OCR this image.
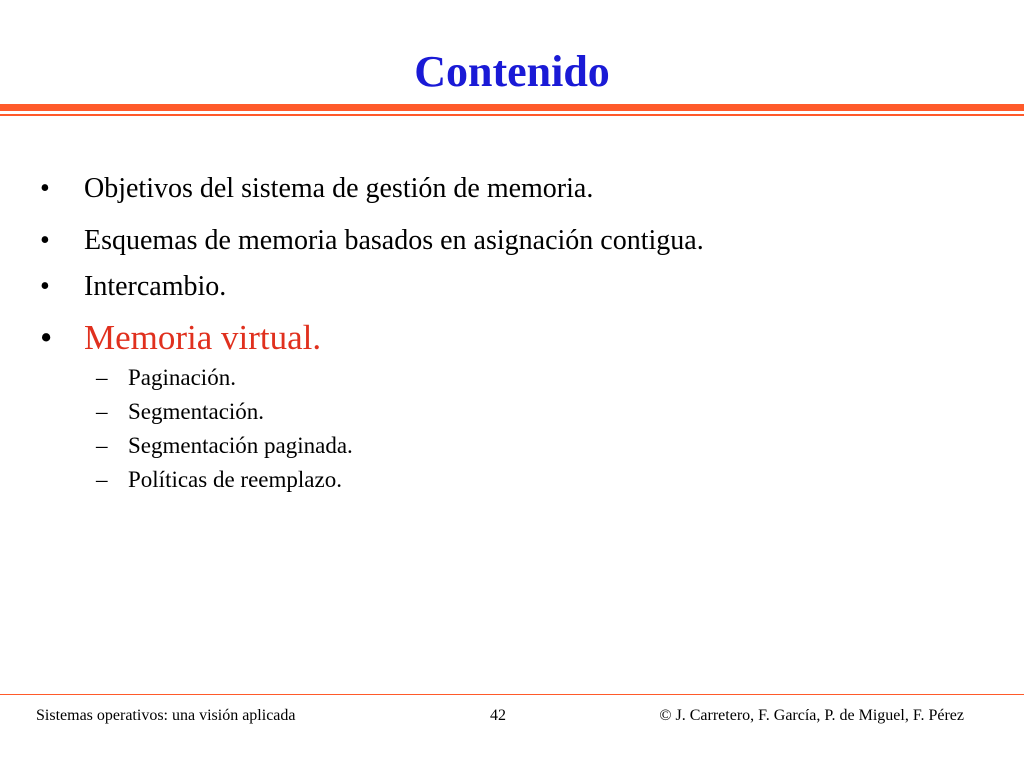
Contenido
• Objetivos del sistema de gestión de memoria.
• Esquemas de memoria basados en asignación contigua.
• Intercambio.
• Memoria virtual.
– Paginación.
– Segmentación.
– Segmentación paginada.
– Políticas de reemplazo.
Sistemas operativos: una visión aplicada	42	© J. Carretero, F. García, P. de Miguel, F. Pérez
